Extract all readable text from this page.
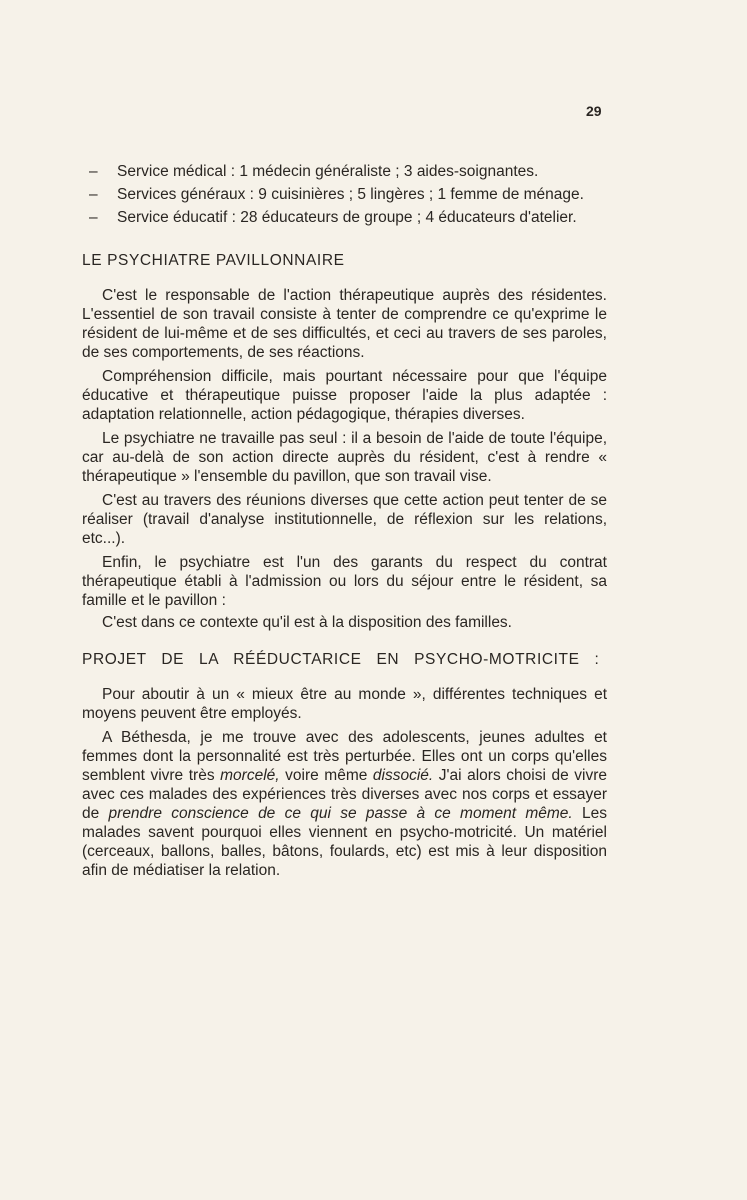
29
– Service médical : 1 médecin généraliste ; 3 aides-soignantes.
– Services généraux : 9 cuisinières ; 5 lingères ; 1 femme de ménage.
– Service éducatif : 28 éducateurs de groupe ; 4 éducateurs d'atelier.
LE PSYCHIATRE PAVILLONNAIRE

C'est le responsable de l'action thérapeutique auprès des résidentes. L'essentiel de son travail consiste à tenter de comprendre ce qu'exprime le résident de lui-même et de ses difficultés, et ceci au travers de ses paroles, de ses comportements, de ses réactions.

Compréhension difficile, mais pourtant nécessaire pour que l'équipe éducative et thérapeutique puisse proposer l'aide la plus adaptée : adaptation relationnelle, action pédagogique, thérapies diverses.

Le psychiatre ne travaille pas seul : il a besoin de l'aide de toute l'équipe, car au-delà de son action directe auprès du résident, c'est à rendre « thérapeutique » l'ensemble du pavillon, que son travail vise.

C'est au travers des réunions diverses que cette action peut tenter de se réaliser (travail d'analyse institutionnelle, de réflexion sur les relations, etc...).

Enfin, le psychiatre est l'un des garants du respect du contrat thérapeutique établi à l'admission ou lors du séjour entre le résident, sa famille et le pavillon :

C'est dans ce contexte qu'il est à la disposition des familles.

PROJET DE LA RÉÉDUCTARICE EN PSYCHO-MOTRICITE :

Pour aboutir à un « mieux être au monde », différentes techniques et moyens peuvent être employés.

A Béthesda, je me trouve avec des adolescents, jeunes adultes et femmes dont la personnalité est très perturbée. Elles ont un corps qu'elles semblent vivre très morcelé, voire même dissocié. J'ai alors choisi de vivre avec ces malades des expériences très diverses avec nos corps et essayer de prendre conscience de ce qui se passe à ce moment même. Les malades savent pourquoi elles viennent en psycho-motricité. Un matériel (cerceaux, ballons, balles, bâtons, foulards, etc) est mis à leur disposition afin de médiatiser la relation.
